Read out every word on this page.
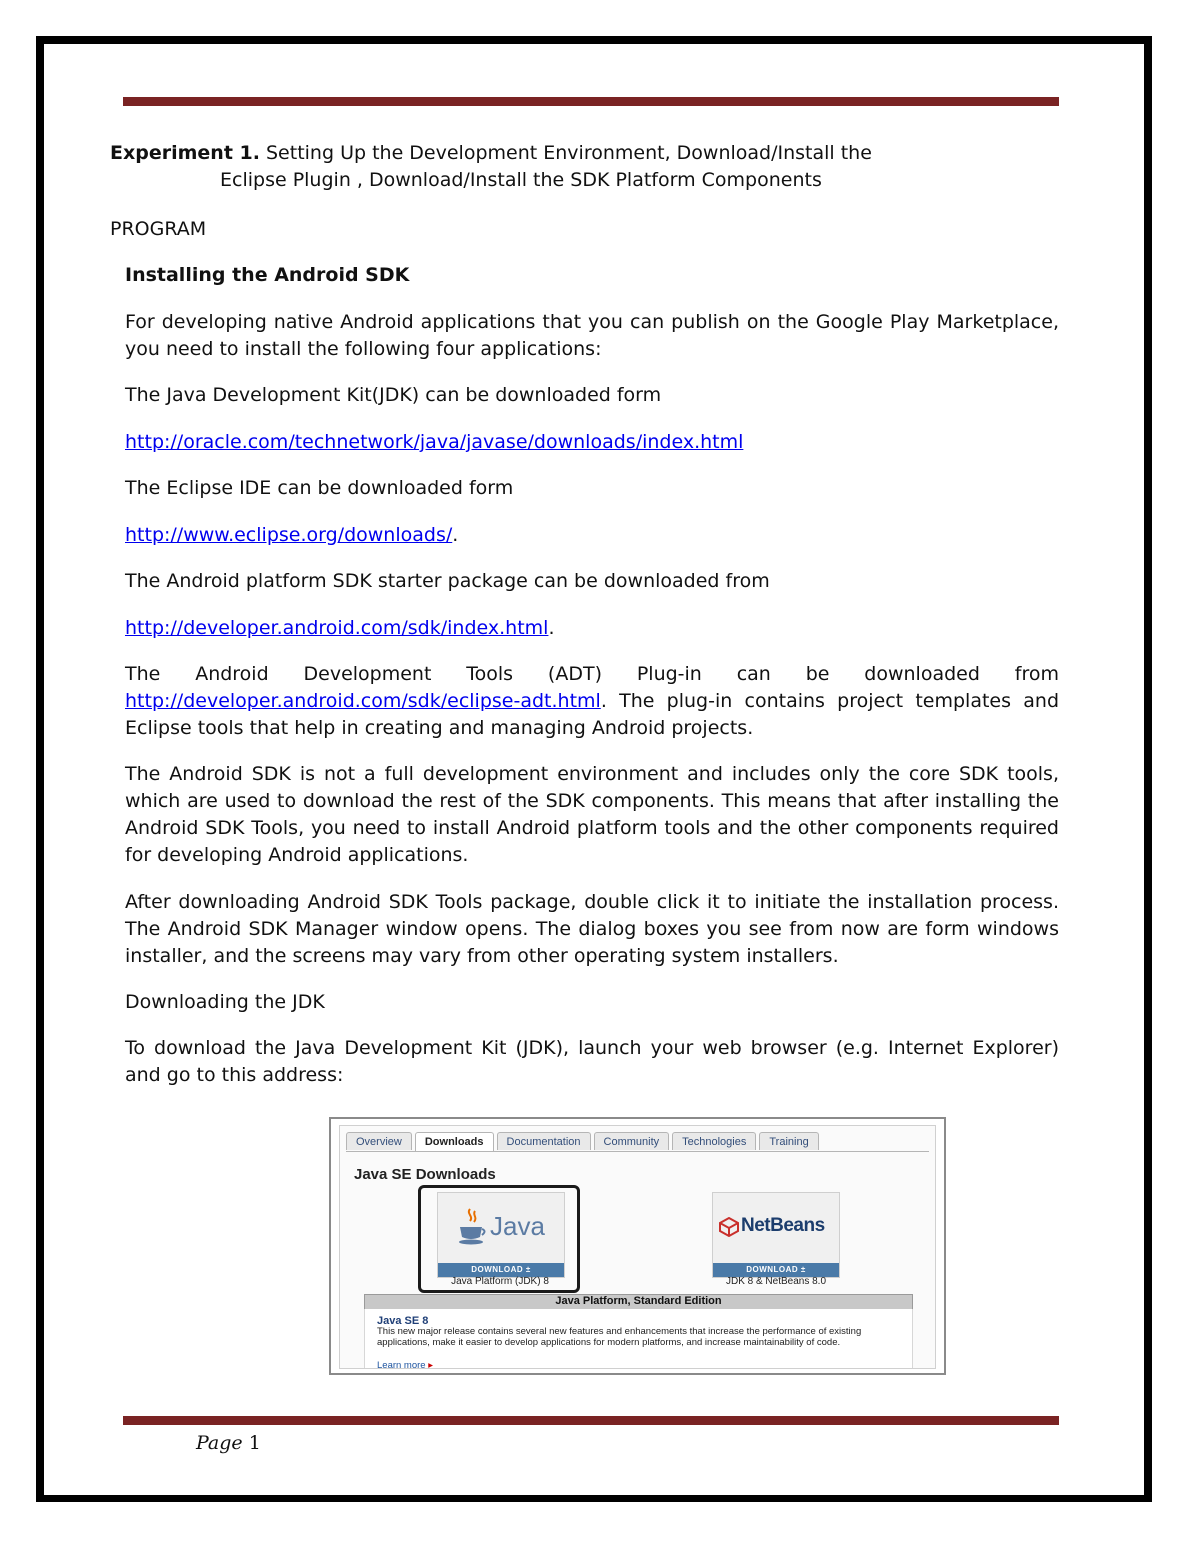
Experiment 1. Setting Up the Development Environment, Download/Install the

Eclipse Plugin , Download/Install the SDK Platform Components

PROGRAM

Installing the Android SDK

For developing native Android applications that you can publish on the Google Play Marketplace, you need to install the following four applications:

The Java Development Kit(JDK) can be downloaded form

http://oracle.com/technetwork/java/javase/downloads/index.html

The Eclipse IDE can be downloaded form

http://www.eclipse.org/downloads/.

The Android platform SDK starter package can be downloaded from

http://developer.android.com/sdk/index.html.

The Android Development Tools (ADT) Plug-in can be downloaded from

http://developer.android.com/sdk/eclipse-adt.html. The plug-in contains project templates and Eclipse tools that help in creating and managing Android projects.

The Android SDK is not a full development environment and includes only the core SDK tools, which are used to download the rest of the SDK components. This means that after installing the Android SDK Tools, you need to install Android platform tools and the other components required for developing Android applications.

After downloading Android SDK Tools package, double click it to initiate the installation process. The Android SDK Manager window opens. The dialog boxes you see from now are form windows installer, and the screens may vary from other operating system installers.

Downloading the JDK

To download the Java Development Kit (JDK), launch your web browser (e.g. Internet Explorer) and go to this address:

Overview	Downloads	Documentation	Community	Technologies	Training
Java SE Downloads
Java
DOWNLOAD ±
NetBeans
DOWNLOAD ±
Java Platform (JDK) 8	JDK 8 & NetBeans 8.0
Java Platform, Standard Edition
Java SE 8
This new major release contains several new features and enhancements that increase the performance of existing applications, make it easier to develop applications for modern platforms, and increase maintainability of code.
Learn more ▸
Page 1
